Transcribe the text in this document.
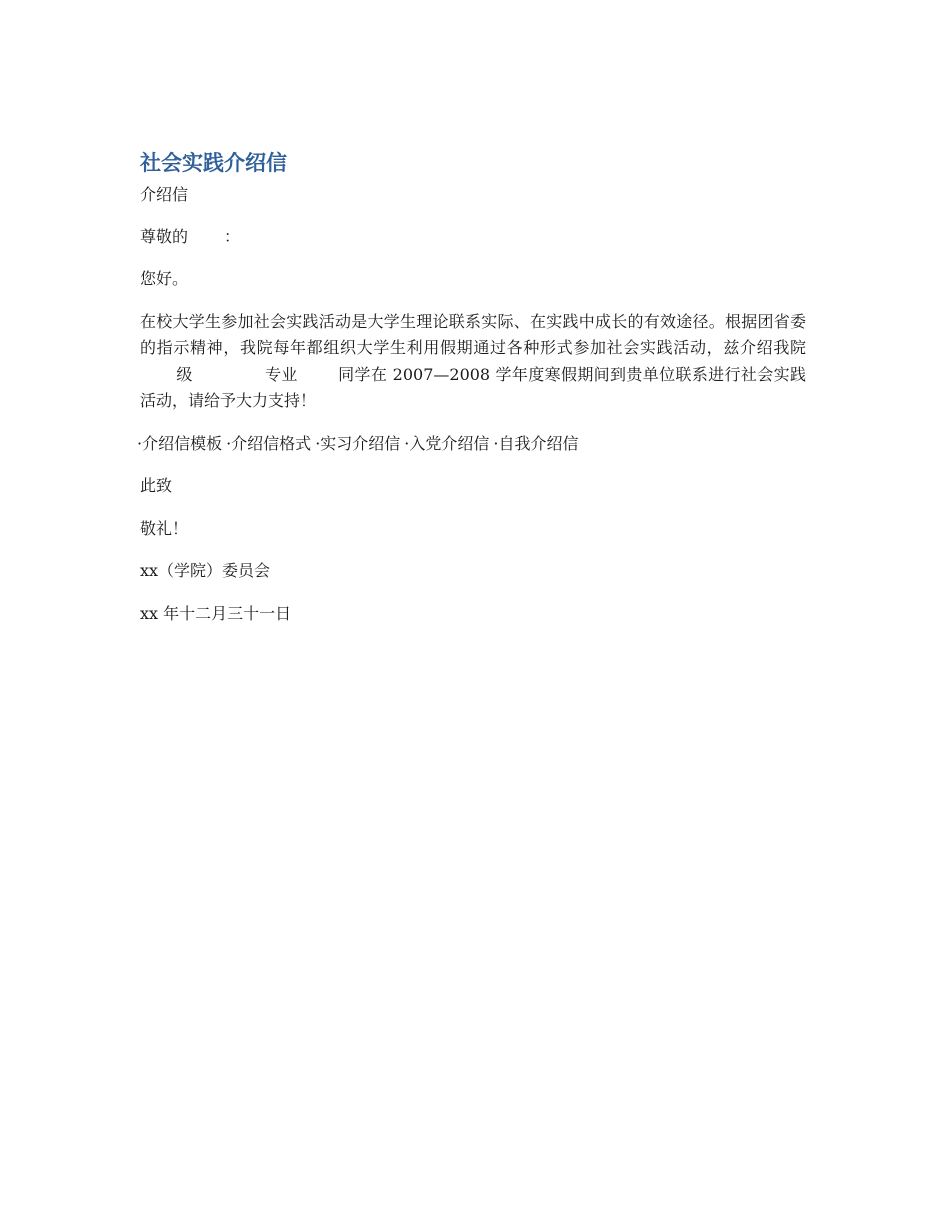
社会实践介绍信
介绍信
尊敬的 ：
您好。
在校大学生参加社会实践活动是大学生理论联系实际、在实践中成长的有效途径。根据团省委的指示精神，我院每年都组织大学生利用假期通过各种形式参加社会实践活动，兹介绍我院级	专业	同学在 2007—2008 学年度寒假期间到贵单位联系进行社会实践活动，请给予大力支持！
·介绍信模板 ·介绍信格式 ·实习介绍信 ·入党介绍信 ·自我介绍信
此致
敬礼！
xx（学院）委员会
xx 年十二月三十一日
